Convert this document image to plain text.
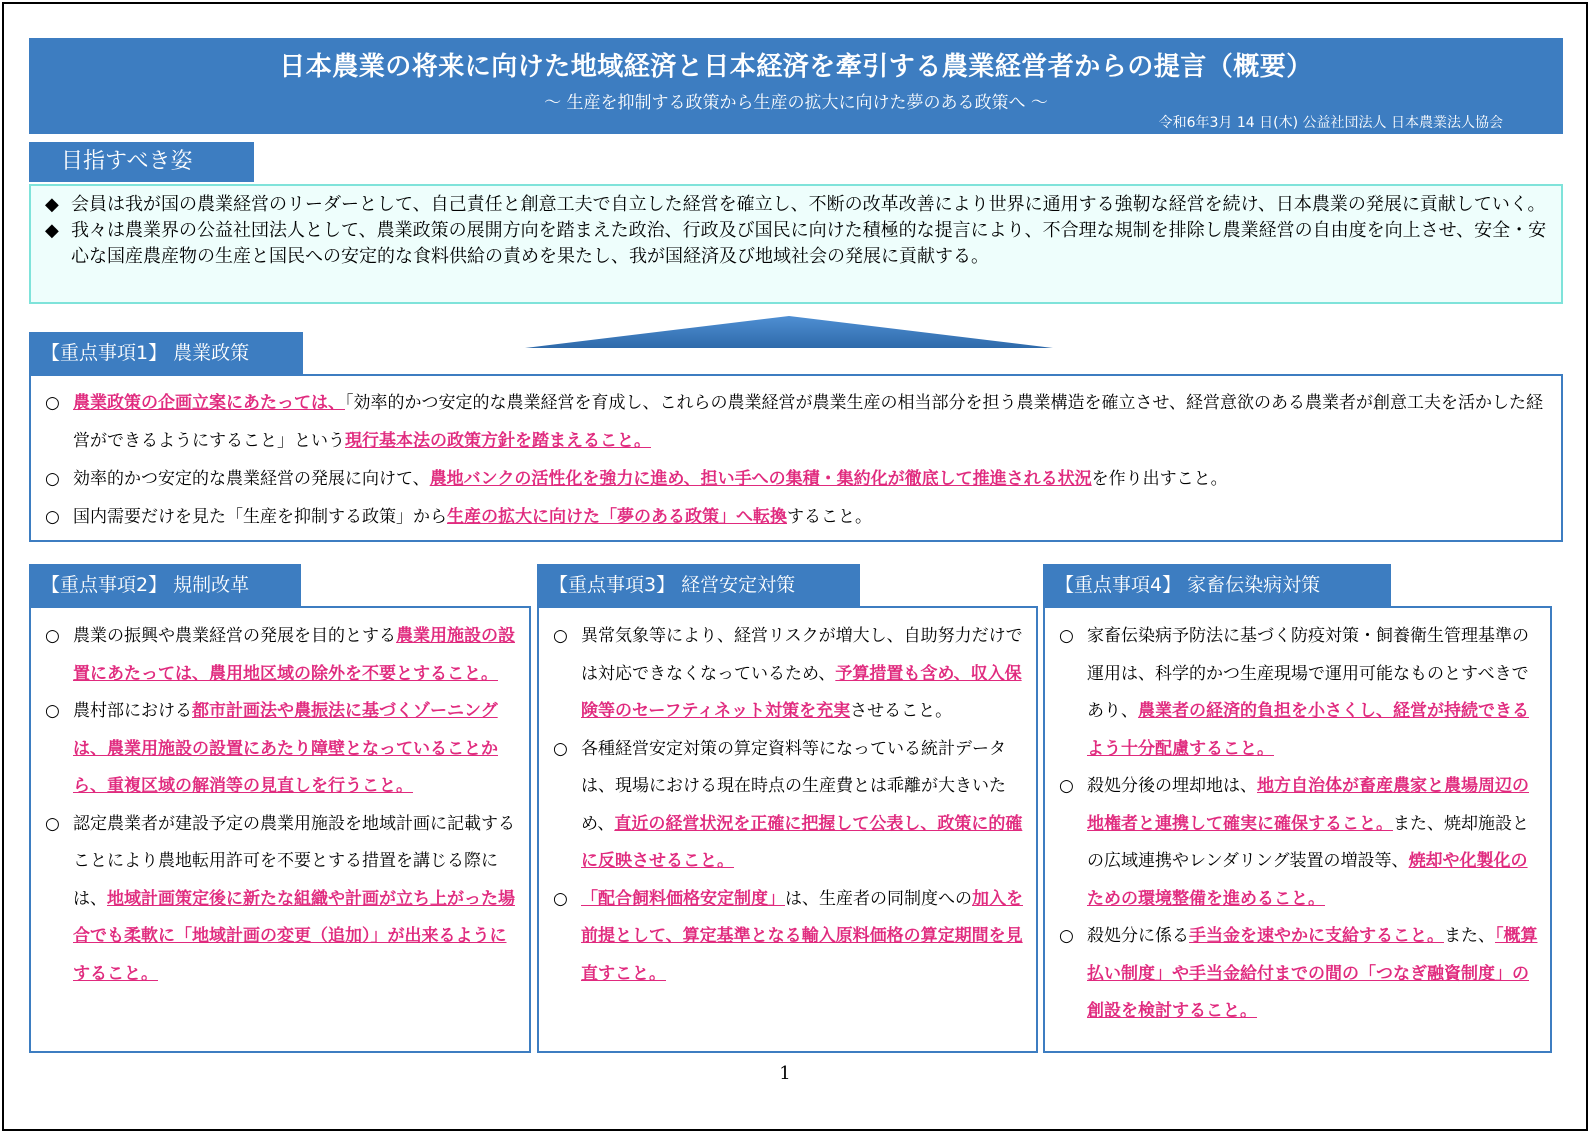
日本農業の将来に向けた地域経済と日本経済を牽引する農業経営者からの提言（概要）
～ 生産を抑制する政策から生産の拡大に向けた夢のある政策へ ～
令和6年3月 14 日(木) 公益社団法人 日本農業法人協会
目指すべき姿
◆ 会員は我が国の農業経営のリーダーとして、自己責任と創意工夫で自立した経営を確立し、不断の改革改善により世界に通用する強靭な経営を続け、日本農業の発展に貢献していく。
◆ 我々は農業界の公益社団法人として、農業政策の展開方向を踏まえた政治、行政及び国民に向けた積極的な提言により、不合理な規制を排除し農業経営の自由度を向上させ、安全・安心な国産農産物の生産と国民への安定的な食料供給の責めを果たし、我が国経済及び地域社会の発展に貢献する。
【重点事項1】 農業政策
○ 農業政策の企画立案にあたっては、「効率的かつ安定的な農業経営を育成し、これらの農業経営が農業生産の相当部分を担う農業構造を確立させ、経営意欲のある農業者が創意工夫を活かした経営ができるようにすること」という現行基本法の政策方針を踏まえること。
○ 効率的かつ安定的な農業経営の発展に向けて、農地バンクの活性化を強力に進め、担い手への集積・集約化が徹底して推進される状況を作り出すこと。
○ 国内需要だけを見た「生産を抑制する政策」から生産の拡大に向けた「夢のある政策」へ転換すること。
【重点事項2】 規制改革
○ 農業の振興や農業経営の発展を目的とする農業用施設の設置にあたっては、農用地区域の除外を不要とすること。
○ 農村部における都市計画法や農振法に基づくゾーニングは、農業用施設の設置にあたり障壁となっていることから、重複区域の解消等の見直しを行うこと。
○ 認定農業者が建設予定の農業用施設を地域計画に記載することにより農地転用許可を不要とする措置を講じる際には、地域計画策定後に新たな組織や計画が立ち上がった場合でも柔軟に「地域計画の変更（追加）」が出来るようにすること。
【重点事項3】 経営安定対策
○ 異常気象等により、経営リスクが増大し、自助努力だけでは対応できなくなっているため、予算措置も含め、収入保険等のセーフティネット対策を充実させること。
○ 各種経営安定対策の算定資料等になっている統計データは、現場における現在時点の生産費とは乖離が大きいため、直近の経営状況を正確に把握して公表し、政策に的確に反映させること。
○ 「配合飼料価格安定制度」は、生産者の同制度への加入を前提として、算定基準となる輸入原料価格の算定期間を見直すこと。
【重点事項4】 家畜伝染病対策
○ 家畜伝染病予防法に基づく防疫対策・飼養衛生管理基準の運用は、科学的かつ生産現場で運用可能なものとすべきであり、農業者の経済的負担を小さくし、経営が持続できるよう十分配慮すること。
○ 殺処分後の埋却地は、地方自治体が畜産農家と農場周辺の地権者と連携して確実に確保すること。また、焼却施設との広域連携やレンダリング装置の増設等、焼却や化製化のための環境整備を進めること。
○ 殺処分に係る手当金を速やかに支給すること。また、「概算払い制度」や手当金給付までの間の「つなぎ融資制度」の創設を検討すること。
1
